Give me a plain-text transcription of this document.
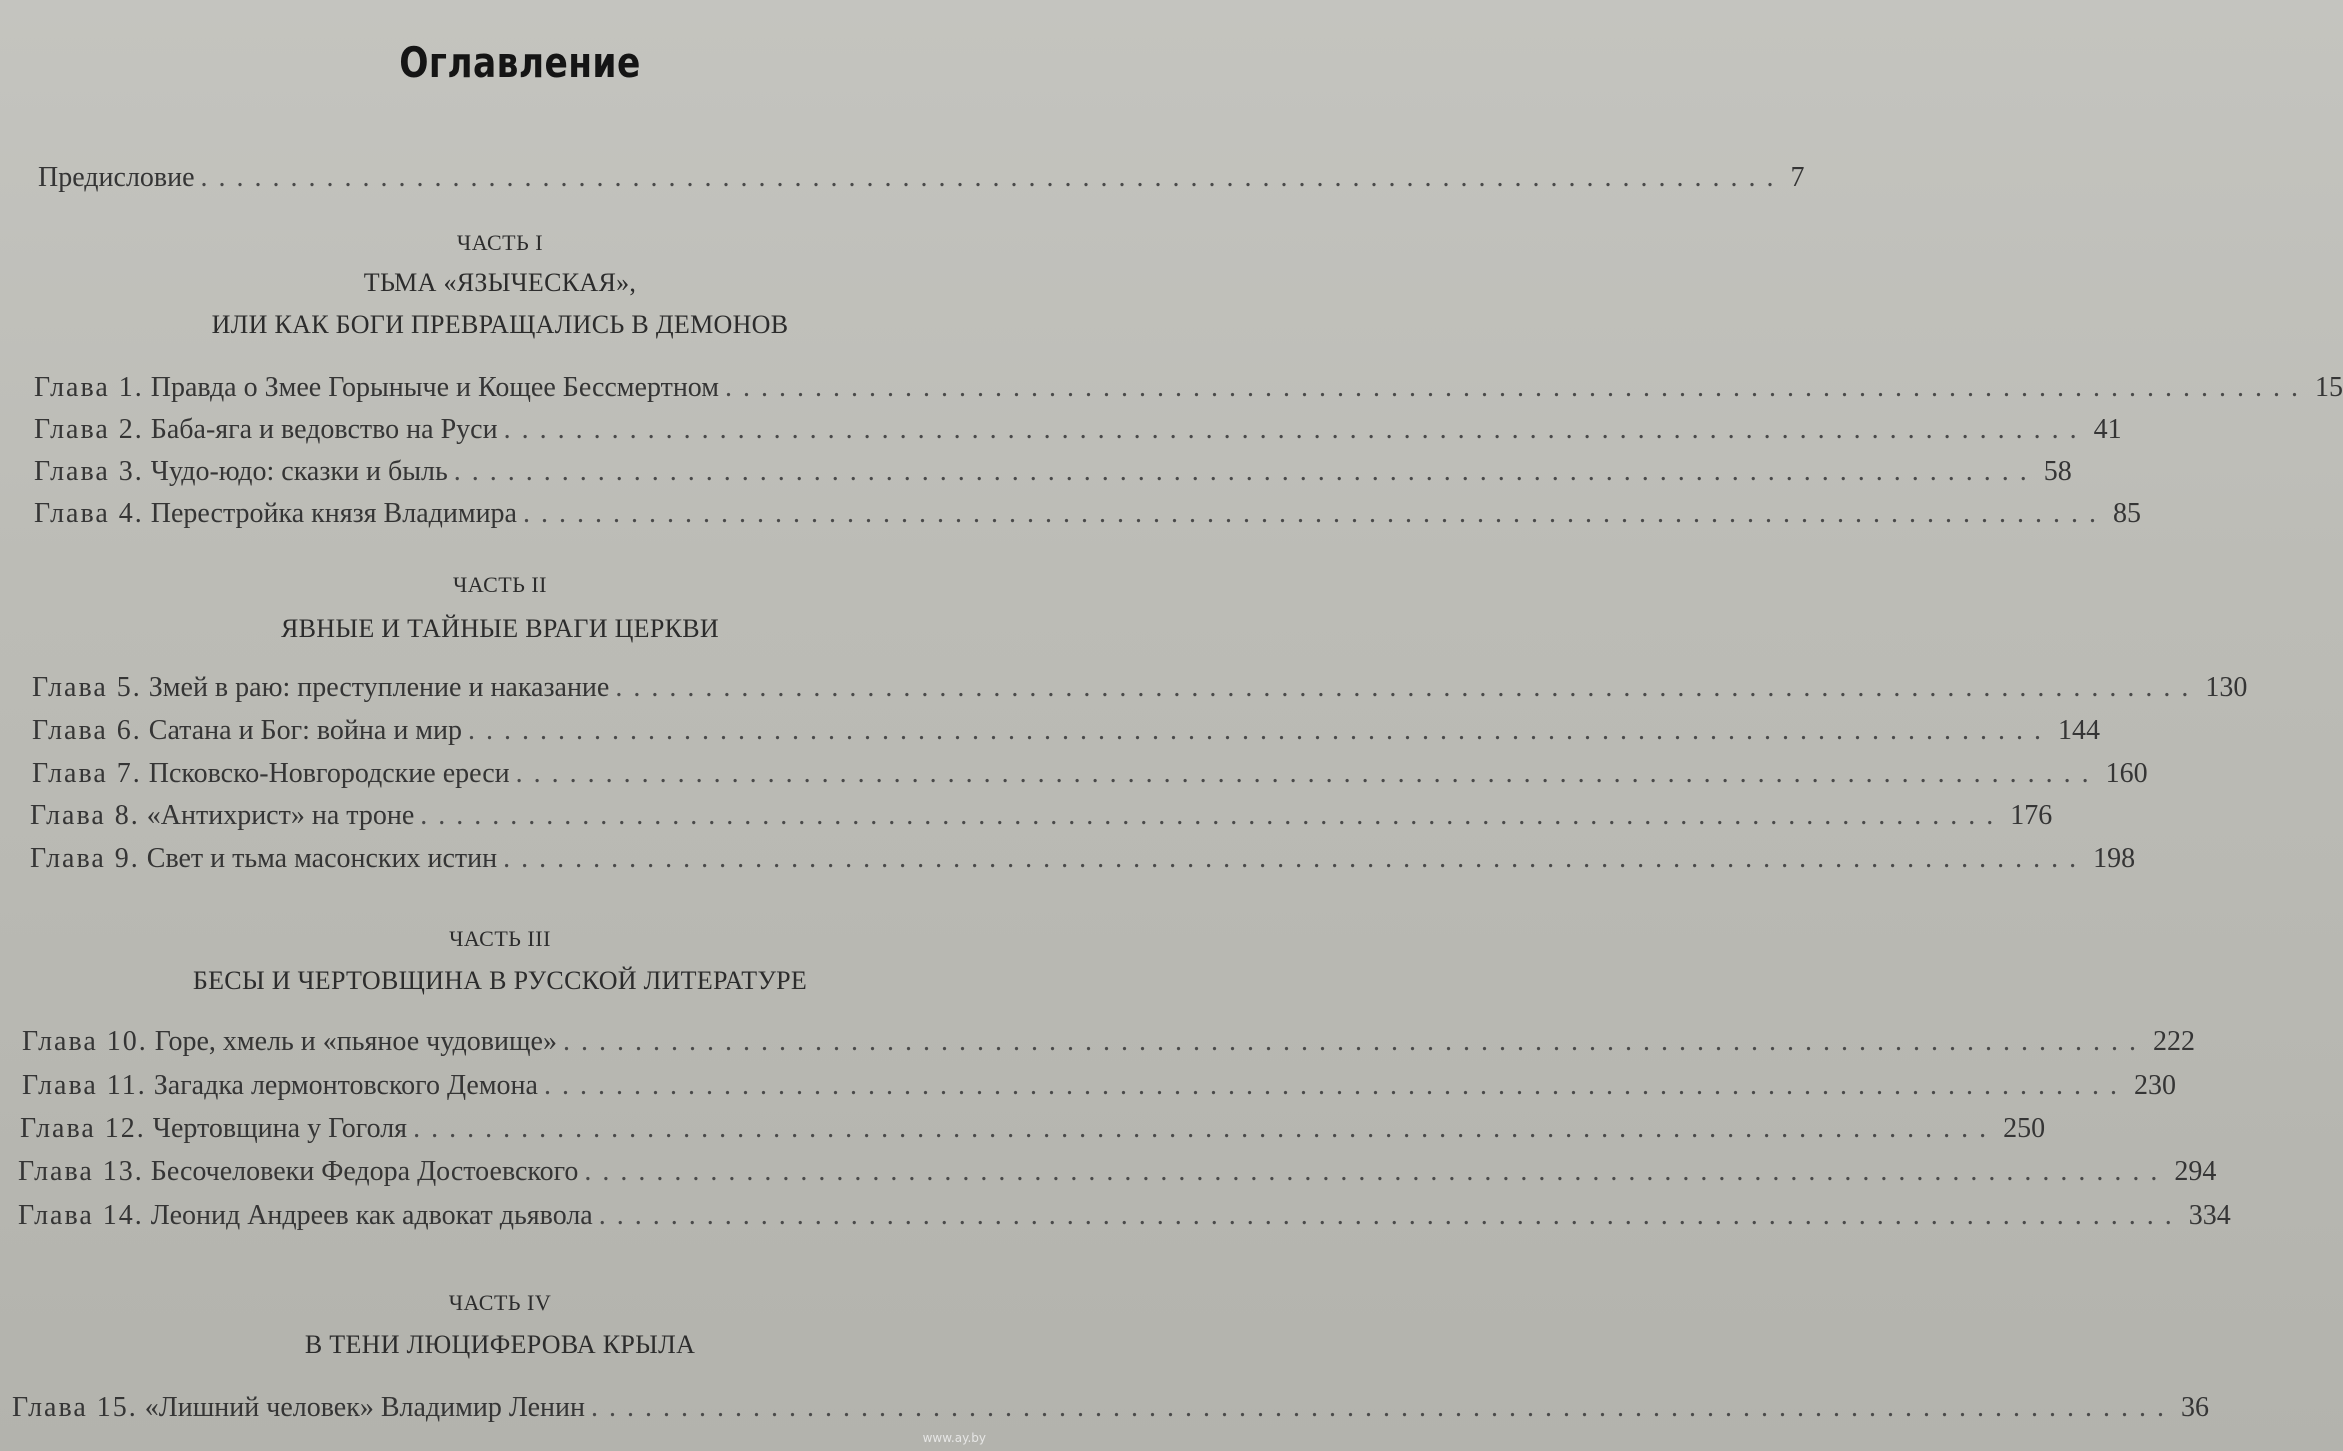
Оглавление
Предисловие ........................................................................................ 7
ЧАСТЬ I
ТЬМА «ЯЗЫЧЕСКАЯ»,
ИЛИ КАК БОГИ ПРЕВРАЩАЛИСЬ В ДЕМОНОВ
Глава 1. Правда о Змее Горыныче и Кощее Бессмертном ........................................................................................ 15
Глава 2. Баба-яга и ведовство на Руси ........................................................................................ 41
Глава 3. Чудо-юдо: сказки и быль ........................................................................................ 58
Глава 4. Перестройка князя Владимира ........................................................................................ 85
ЧАСТЬ II
ЯВНЫЕ И ТАЙНЫЕ ВРАГИ ЦЕРКВИ
Глава 5. Змей в раю: преступление и наказание ........................................................................................ 130
Глава 6. Сатана и Бог: война и мир ........................................................................................ 144
Глава 7. Псковско-Новгородские ереси ........................................................................................ 160
Глава 8. «Антихрист» на троне ........................................................................................ 176
Глава 9. Свет и тьма масонских истин ........................................................................................ 198
ЧАСТЬ III
БЕСЫ И ЧЕРТОВЩИНА В РУССКОЙ ЛИТЕРАТУРЕ
Глава 10. Горе, хмель и «пьяное чудовище» ........................................................................................ 222
Глава 11. Загадка лермонтовского Демона ........................................................................................ 230
Глава 12. Чертовщина у Гоголя ........................................................................................ 250
Глава 13. Бесочеловеки Федора Достоевского ........................................................................................ 294
Глава 14. Леонид Андреев как адвокат дьявола ........................................................................................ 334
ЧАСТЬ IV
В ТЕНИ ЛЮЦИФЕРОВА КРЫЛА
Глава 15. «Лишний человек» Владимир Ленин ........................................................................................ 36
www.ay.by
